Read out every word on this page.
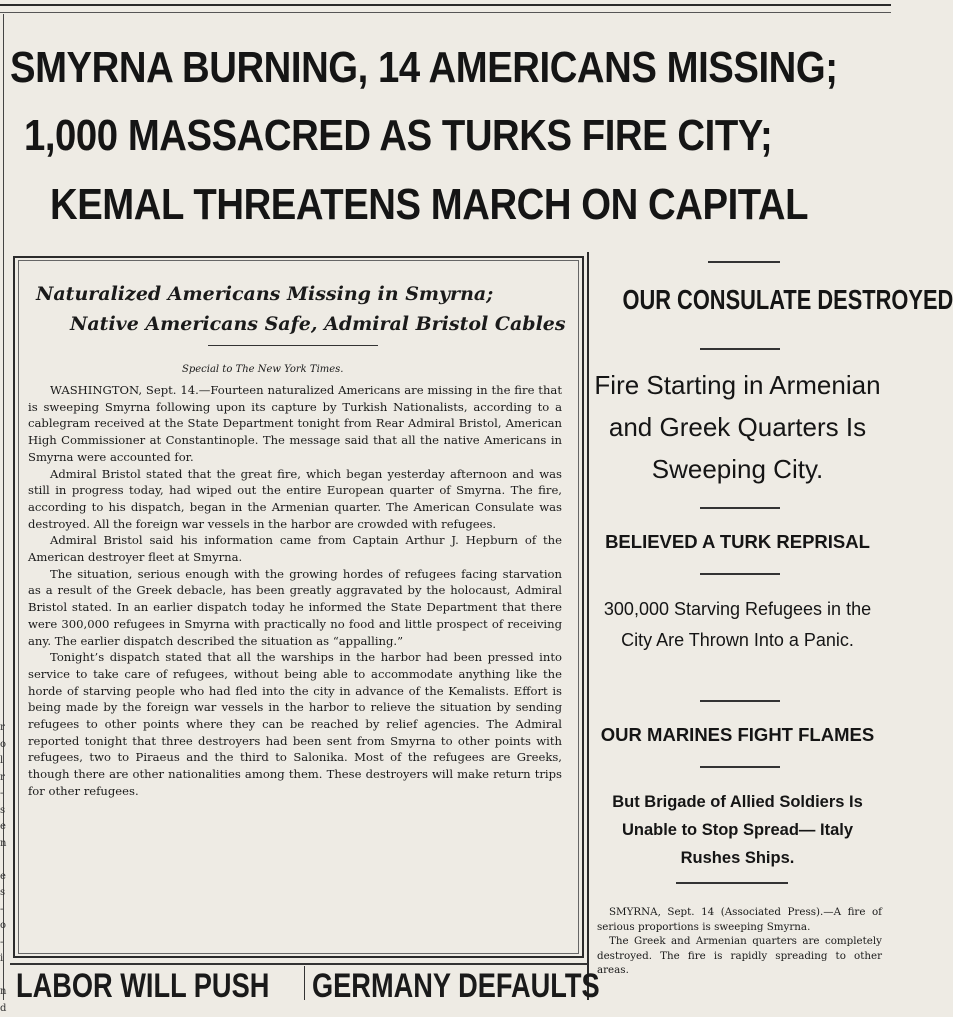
r
o
l
r
-
s
e
n

e
s
-
o
-
i

n
d
SMYRNA BURNING, 14 AMERICANS MISSING;
1,000 MASSACRED AS TURKS FIRE CITY;
KEMAL THREATENS MARCH ON CAPITAL
Naturalized Americans Missing in Smyrna;
Native Americans Safe, Admiral Bristol Cables
Special to The New York Times.

WASHINGTON, Sept. 14.—Fourteen naturalized Americans are missing in the fire that is sweeping Smyrna following upon its capture by Turkish Nationalists, according to a cablegram received at the State Department tonight from Rear Admiral Bristol, American High Commissioner at Constantinople. The message said that all the native Americans in Smyrna were accounted for.

Admiral Bristol stated that the great fire, which began yesterday afternoon and was still in progress today, had wiped out the entire European quarter of Smyrna. The fire, according to his dispatch, began in the Armenian quarter. The American Consulate was destroyed. All the foreign war vessels in the harbor are crowded with refugees.

Admiral Bristol said his information came from Captain Arthur J. Hepburn of the American destroyer fleet at Smyrna.

The situation, serious enough with the growing hordes of refugees facing starvation as a result of the Greek debacle, has been greatly aggravated by the holocaust, Admiral Bristol stated. In an earlier dispatch today he informed the State Department that there were 300,000 refugees in Smyrna with practically no food and little prospect of receiving any. The earlier dispatch described the situation as “appalling.”

Tonight’s dispatch stated that all the warships in the harbor had been pressed into service to take care of refugees, without being able to accommodate anything like the horde of starving people who had fled into the city in advance of the Kemalists. Effort is being made by the foreign war vessels in the harbor to relieve the situation by sending refugees to other points where they can be reached by relief agencies. The Admiral reported tonight that three destroyers had been sent from Smyrna to other points with refugees, two to Piraeus and the third to Salonika. Most of the refugees are Greeks, though there are other nationalities among them. These destroyers will make return trips for other refugees.

OUR CONSULATE DESTROYED
Fire Starting in Armenian and Greek Quarters Is Sweeping City.
BELIEVED A TURK REPRISAL
300,000 Starving Refugees in the City Are Thrown Into a Panic.
OUR MARINES FIGHT FLAMES
But Brigade of Allied Soldiers Is Unable to Stop Spread— Italy Rushes Ships.

SMYRNA, Sept. 14 (Associated Press).—A fire of serious proportions is sweeping Smyrna.

The Greek and Armenian quarters are completely destroyed. The fire is rapidly spreading to other areas.

LABOR WILL PUSH GERMANY DEFAULTS
